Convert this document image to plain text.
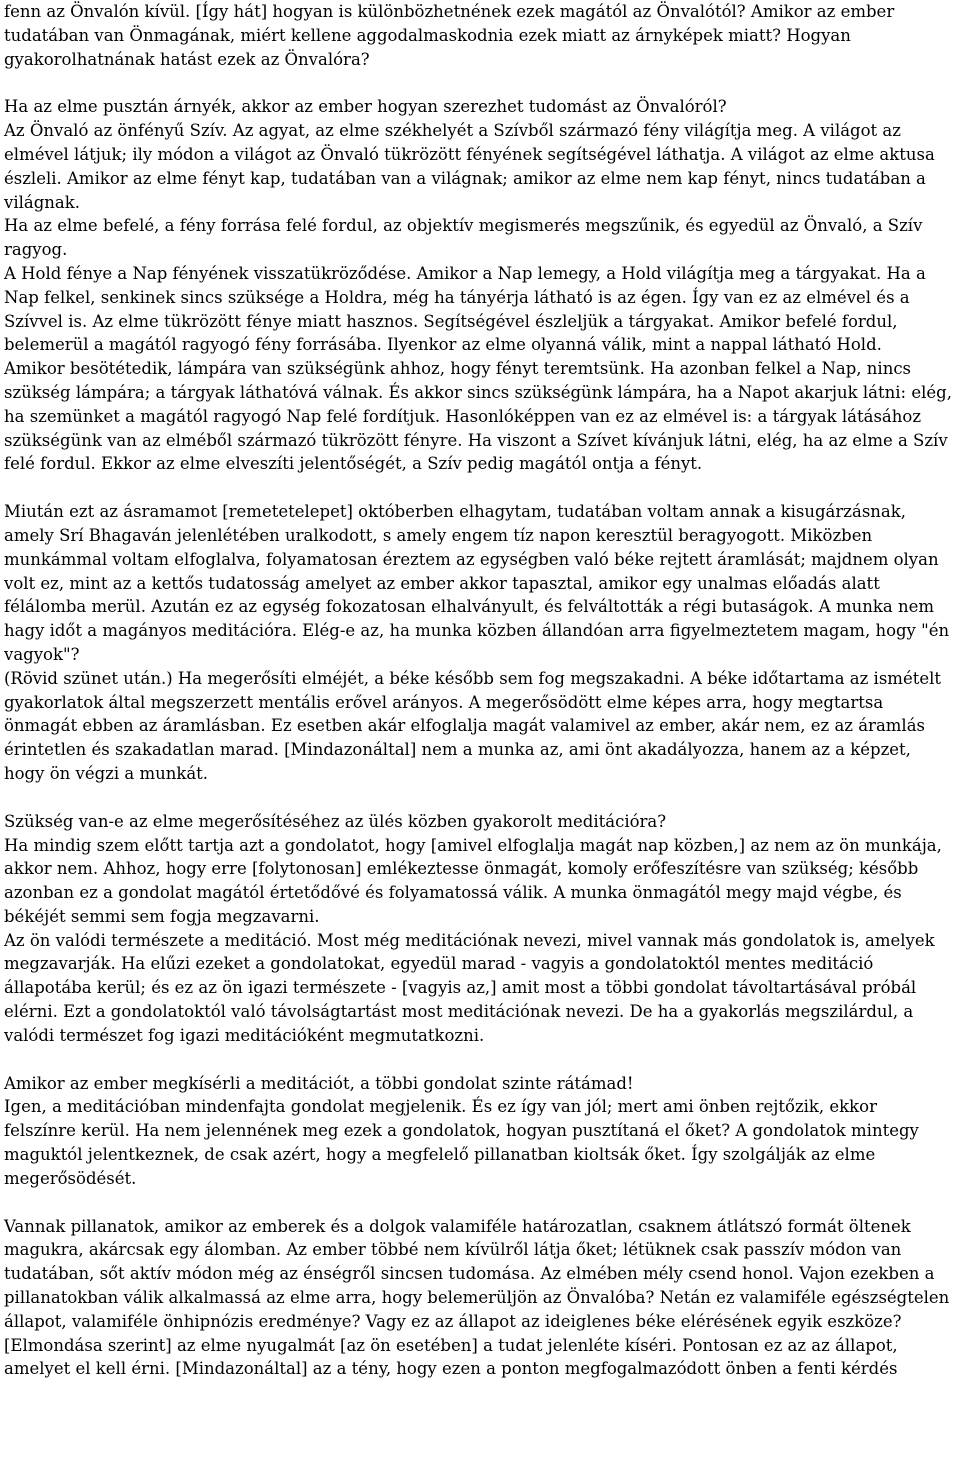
fenn az Önvalón kívül. [Így hát] hogyan is különbözhetnének ezek magától az Önvalótól? Amikor az ember tudatában van Önmagának, miért kellene aggodalmaskodnia ezek miatt az árnyképek miatt? Hogyan gyakorolhatnának hatást ezek az Önvalóra?

Ha az elme pusztán árnyék, akkor az ember hogyan szerezhet tudomást az Önvalóról?

Az Önvaló az önfényű Szív. Az agyat, az elme székhelyét a Szívből származó fény világítja meg. A világot az elmével látjuk; ily módon a világot az Önvaló tükrözött fényének segítségével láthatja. A világot az elme aktusa észleli. Amikor az elme fényt kap, tudatában van a világnak; amikor az elme nem kap fényt, nincs tudatában a világnak.

Ha az elme befelé, a fény forrása felé fordul, az objektív megismerés megszűnik, és egyedül az Önvaló, a Szív ragyog.

A Hold fénye a Nap fényének visszatükröződése. Amikor a Nap lemegy, a Hold világítja meg a tárgyakat. Ha a Nap felkel, senkinek sincs szüksége a Holdra, még ha tányérja látható is az égen. Így van ez az elmével és a Szívvel is. Az elme tükrözött fénye miatt hasznos. Segítségével észleljük a tárgyakat. Amikor befelé fordul, belemerül a magától ragyogó fény forrásába. Ilyenkor az elme olyanná válik, mint a nappal látható Hold.

Amikor besötétedik, lámpára van szükségünk ahhoz, hogy fényt teremtsünk. Ha azonban felkel a Nap, nincs szükség lámpára; a tárgyak láthatóvá válnak. És akkor sincs szükségünk lámpára, ha a Napot akarjuk látni: elég, ha szemünket a magától ragyogó Nap felé fordítjuk. Hasonlóképpen van ez az elmével is: a tárgyak látásához szükségünk van az elméből származó tükrözött fényre. Ha viszont a Szívet kívánjuk látni, elég, ha az elme a Szív felé fordul. Ekkor az elme elveszíti jelentőségét, a Szív pedig magától ontja a fényt.

Miután ezt az ásramamot [remetetelepet] októberben elhagytam, tudatában voltam annak a kisugárzásnak, amely Srí Bhagaván jelenlétében uralkodott, s amely engem tíz napon keresztül beragyogott. Miközben munkámmal voltam elfoglalva, folyamatosan éreztem az egységben való béke rejtett áramlását; majdnem olyan volt ez, mint az a kettős tudatosság amelyet az ember akkor tapasztal, amikor egy unalmas előadás alatt félálomba merül. Azután ez az egység fokozatosan elhalványult, és felváltották a régi butaságok. A munka nem hagy időt a magányos meditációra. Elég-e az, ha munka közben állandóan arra figyelmeztetem magam, hogy "én vagyok"?

(Rövid szünet után.) Ha megerősíti elméjét, a béke később sem fog megszakadni. A béke időtartama az ismételt gyakorlatok által megszerzett mentális erővel arányos. A megerősödött elme képes arra, hogy megtartsa önmagát ebben az áramlásban. Ez esetben akár elfoglalja magát valamivel az ember, akár nem, ez az áramlás érintetlen és szakadatlan marad. [Mindazonáltal] nem a munka az, ami önt akadályozza, hanem az a képzet, hogy ön végzi a munkát.

Szükség van-e az elme megerősítéséhez az ülés közben gyakorolt meditációra?

Ha mindig szem előtt tartja azt a gondolatot, hogy [amivel elfoglalja magát nap közben,] az nem az ön munkája, akkor nem. Ahhoz, hogy erre [folytonosan] emlékeztesse önmagát, komoly erőfeszítésre van szükség; később azonban ez a gondolat magától értetődővé és folyamatossá válik. A munka önmagától megy majd végbe, és békéjét semmi sem fogja megzavarni.

Az ön valódi természete a meditáció. Most még meditációnak nevezi, mivel vannak más gondolatok is, amelyek megzavarják. Ha elűzi ezeket a gondolatokat, egyedül marad - vagyis a gondolatoktól mentes meditáció állapotába kerül; és ez az ön igazi természete - [vagyis az,] amit most a többi gondolat távoltartásával próbál elérni. Ezt a gondolatoktól való távolságtartást most meditációnak nevezi. De ha a gyakorlás megszilárdul, a valódi természet fog igazi meditációként megmutatkozni.

Amikor az ember megkísérli a meditációt, a többi gondolat szinte rátámad!

Igen, a meditációban mindenfajta gondolat megjelenik. És ez így van jól; mert ami önben rejtőzik, ekkor felszínre kerül. Ha nem jelennének meg ezek a gondolatok, hogyan pusztítaná el őket? A gondolatok mintegy maguktól jelentkeznek, de csak azért, hogy a megfelelő pillanatban kioltsák őket. Így szolgálják az elme megerősödését.

Vannak pillanatok, amikor az emberek és a dolgok valamiféle határozatlan, csaknem átlátszó formát öltenek magukra, akárcsak egy álomban. Az ember többé nem kívülről látja őket; létüknek csak passzív módon van tudatában, sőt aktív módon még az énségről sincsen tudomása. Az elmében mély csend honol. Vajon ezekben a pillanatokban válik alkalmassá az elme arra, hogy belemerüljön az Önvalóba? Netán ez valamiféle egészségtelen állapot, valamiféle önhipnózis eredménye? Vagy ez az állapot az ideiglenes béke elérésének egyik eszköze?

[Elmondása szerint] az elme nyugalmát [az ön esetében] a tudat jelenléte kíséri. Pontosan ez az az állapot, amelyet el kell érni. [Mindazonáltal] az a tény, hogy ezen a ponton megfogalmazódott önben a fenti kérdés
